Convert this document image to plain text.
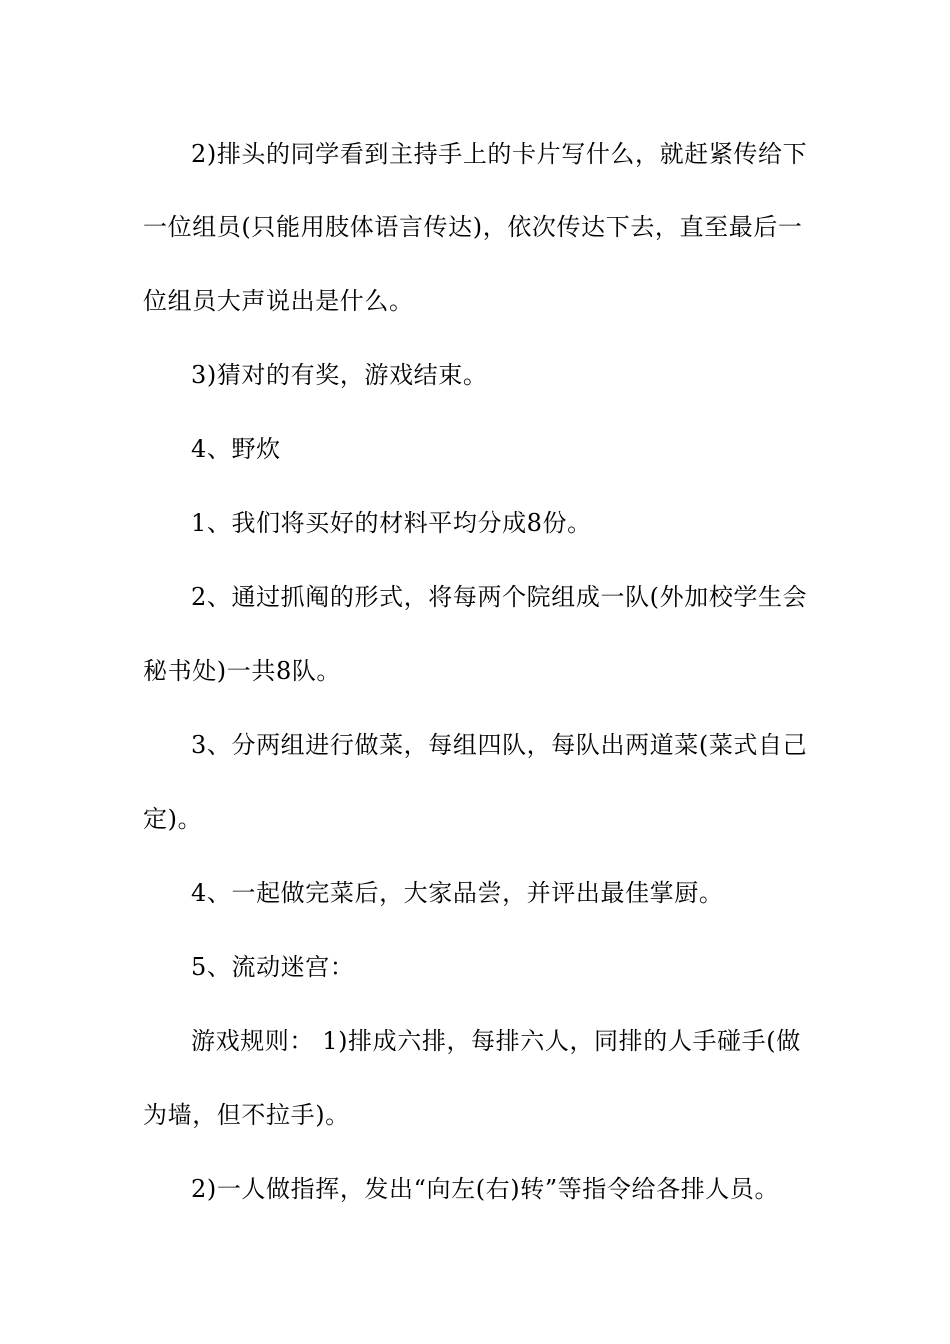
2)排头的同学看到主持手上的卡片写什么，就赶紧传给下
一位组员(只能用肢体语言传达)，依次传达下去，直至最后一
位组员大声说出是什么。
3)猜对的有奖，游戏结束。
4、野炊
1、我们将买好的材料平均分成8份。
2、通过抓阄的形式，将每两个院组成一队(外加校学生会
秘书处)一共8队。
3、分两组进行做菜，每组四队，每队出两道菜(菜式自己
定)。
4、一起做完菜后，大家品尝，并评出最佳掌厨。
5、流动迷宫：
游戏规则： 1)排成六排，每排六人，同排的人手碰手(做
为墙，但不拉手)。
2)一人做指挥，发出“向左(右)转”等指令给各排人员。
